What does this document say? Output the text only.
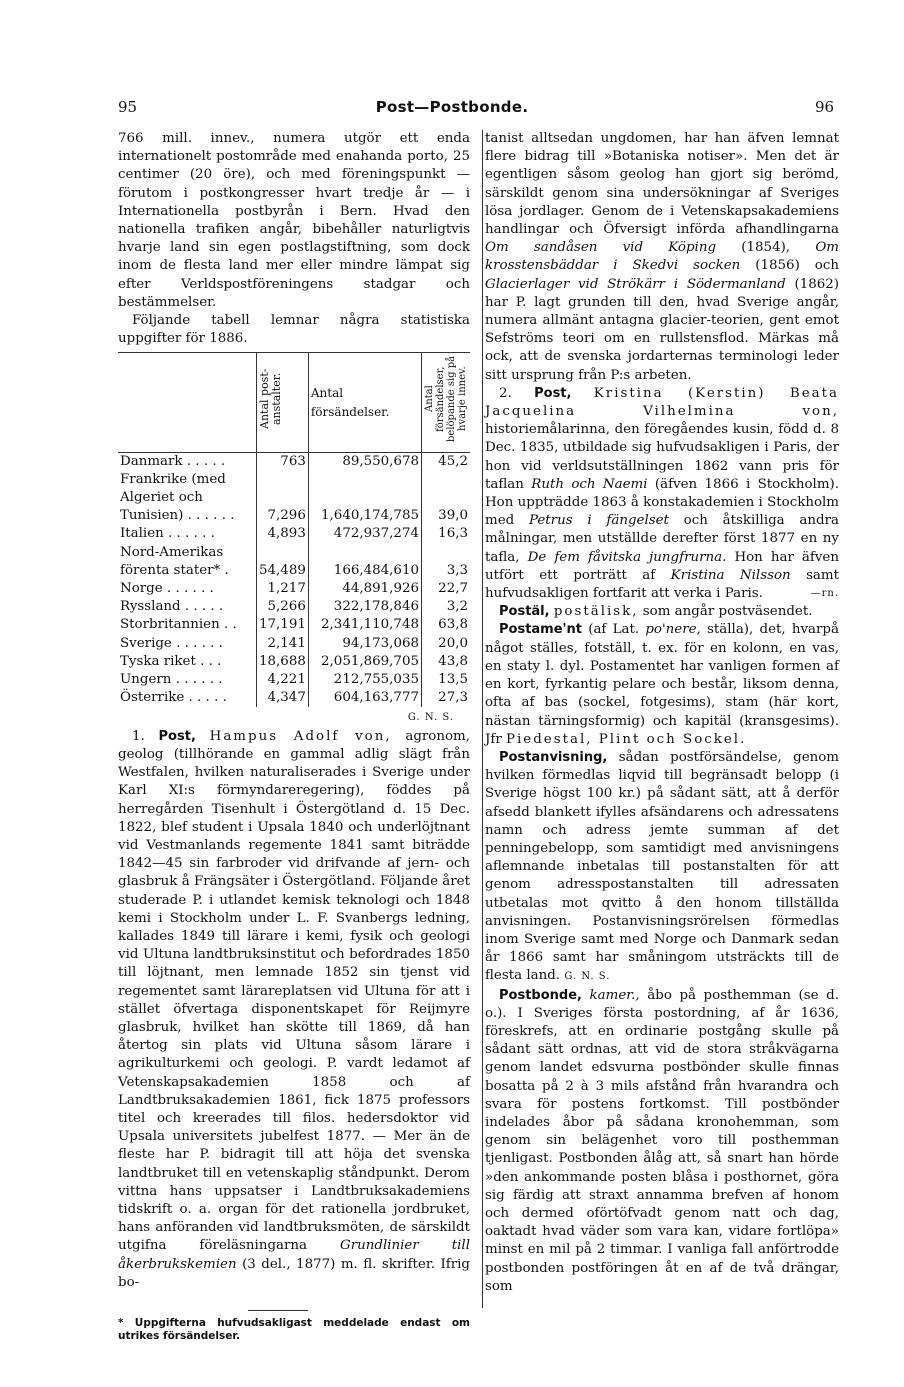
95	Post—Postbonde.	96

766 mill. innev., numera utgör ett enda internationelt postområde med enahanda porto, 25 centimer (20 öre), och med föreningspunkt — förutom i postkongresser hvart tredje år — i Internationella postbyrån i Bern. Hvad den nationella trafiken angår, bibehåller naturligtvis hvarje land sin egen postlagstiftning, som dock inom de flesta land mer eller mindre lämpat sig efter Verldspostföreningens stadgar och bestämmelser.

Följande tabell lemnar några statistiska uppgifter för 1886.

	Antal post-anstalter.	Antal försändelser.	Antal försändelser, belöpande sig på hvarje innev.
Danmark . . . . .	763	89,550,678	45,2
Frankrike (med Algeriet och Tunisien) . . . . . .	7,296	1,640,174,785	39,0
Italien . . . . . .	4,893	472,937,274	16,3
Nord-Amerikas förenta stater* .	54,489	166,484,610	3,3
Norge . . . . . .	1,217	44,891,926	22,7
Ryssland . . . . .	5,266	322,178,846	3,2
Storbritannien . .	17,191	2,341,110,748	63,8
Sverige . . . . . .	2,141	94,173,068	20,0
Tyska riket . . .	18,688	2,051,869,705	43,8
Ungern . . . . . .	4,221	212,755,035	13,5
Österrike . . . . .	4,347	604,163,777	27,3
G. N. S.

1. Post, Hampus Adolf von, agronom, geolog (tillhörande en gammal adlig slägt från Westfalen, hvilken naturaliserades i Sverige under Karl XI:s förmyndareregering), föddes på herregården Tisenhult i Östergötland d. 15 Dec. 1822, blef student i Upsala 1840 och underlöjtnant vid Vestmanlands regemente 1841 samt biträdde 1842—45 sin farbroder vid drifvande af jern- och glasbruk å Frängsäter i Östergötland. Följande året studerade P. i utlandet kemisk teknologi och 1848 kemi i Stockholm under L. F. Svanbergs ledning, kallades 1849 till lärare i kemi, fysik och geologi vid Ultuna landtbruksinstitut och befordrades 1850 till löjtnant, men lemnade 1852 sin tjenst vid regementet samt lärareplatsen vid Ultuna för att i stället öfvertaga disponentskapet för Reijmyre glasbruk, hvilket han skötte till 1869, då han återtog sin plats vid Ultuna såsom lärare i agrikulturkemi och geologi. P. vardt ledamot af Vetenskapsakademien 1858 och af Landtbruksakademien 1861, fick 1875 professors titel och kreerades till filos. hedersdoktor vid Upsala universitets jubelfest 1877. — Mer än de fleste har P. bidragit till att höja det svenska landtbruket till en vetenskaplig ståndpunkt. Derom vittna hans uppsatser i Landtbruksakademiens tidskrift o. a. organ för det rationella jordbruket, hans anföranden vid landtbruksmöten, de särskildt utgifna föreläsningarna Grundlinier till åkerbrukskemien (3 del., 1877) m. fl. skrifter. Ifrig bo-

* Uppgifterna hufvudsakligast meddelade endast om utrikes försändelser.

tanist alltsedan ungdomen, har han äfven lemnat flere bidrag till »Botaniska notiser». Men det är egentligen såsom geolog han gjort sig berömd, särskildt genom sina undersökningar af Sveriges lösa jordlager. Genom de i Vetenskapsakademiens handlingar och Öfversigt införda afhandlingarna Om sandåsen vid Köping (1854), Om krosstensbäddar i Skedvi socken (1856) och Glacierlager vid Strökärr i Södermanland (1862) har P. lagt grunden till den, hvad Sverige angår, numera allmänt antagna glacier-teorien, gent emot Sefströms teori om en rullstensflod. Märkas må ock, att de svenska jordarternas terminologi leder sitt ursprung från P:s arbeten.

2. Post, Kristina (Kerstin) Beata Jacquelina Vilhelmina von, historiemålarinna, den föregåendes kusin, född d. 8 Dec. 1835, utbildade sig hufvudsakligen i Paris, der hon vid verldsutställningen 1862 vann pris för taflan Ruth och Naemi (äfven 1866 i Stockholm). Hon uppträdde 1863 å konstakademien i Stockholm med Petrus i fängelset och åtskilliga andra målningar, men utställde derefter först 1877 en ny tafla, De fem fåvitska jungfrurna. Hon har äfven utfört ett porträtt af Kristina Nilsson samt hufvudsakligen fortfarit att verka i Paris.	—rn.

Postäl, postälisk, som angår postväsendet.

Postame'nt (af Lat. po'nere, ställa), det, hvarpå något ställes, fotställ, t. ex. för en kolonn, en vas, en staty l. dyl. Postamentet har vanligen formen af en kort, fyrkantig pelare och består, liksom denna, ofta af bas (sockel, fotgesims), stam (här kort, nästan tärningsformig) och kapitäl (kransgesims). Jfr Piedestal, Plint och Sockel.

Postanvisning, sådan postförsändelse, genom hvilken förmedlas liqvid till begränsadt belopp (i Sverige högst 100 kr.) på sådant sätt, att å derför afsedd blankett ifylles afsändarens och adressatens namn och adress jemte summan af det penningebelopp, som samtidigt med anvisningens aflemnande inbetalas till postanstalten för att genom adresspostanstalten till adressaten utbetalas mot qvitto å den honom tillställda anvisningen. Postanvisningsrörelsen förmedlas inom Sverige samt med Norge och Danmark sedan år 1866 samt har småningom utsträckts till de flesta land. G. N. S.

Postbonde, kamer., åbo på posthemman (se d. o.). I Sveriges första postordning, af år 1636, föreskrefs, att en ordinarie postgång skulle på sådant sätt ordnas, att vid de stora stråkvägarna genom landet edsvurna postbönder skulle finnas bosatta på 2 à 3 mils afstånd från hvarandra och svara för postens fortkomst. Till postbönder indelades åbor på sådana kronohemman, som genom sin belägenhet voro till posthemman tjenligast. Postbonden ålåg att, så snart han hörde »den ankommande posten blåsa i posthornet, göra sig färdig att straxt annamma brefven af honom och dermed oförtöfvadt genom natt och dag, oaktadt hvad väder som vara kan, vidare fortlöpa» minst en mil på 2 timmar. I vanliga fall anförtrodde postbonden postföringen åt en af de två drängar, som
